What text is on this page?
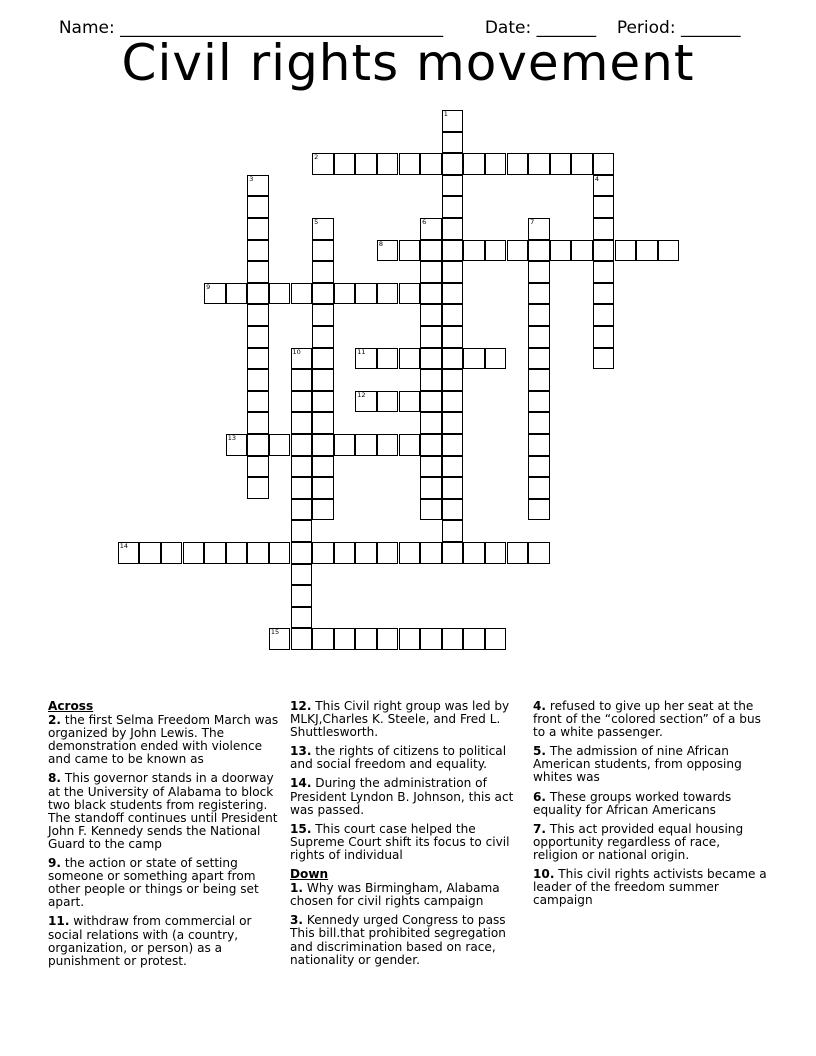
Name: ______________________________________	Date: _______	Period: _______

Civil rights movement
1
2
3	4
5	6	7
8
9
10	11
12
13
14
15
Across
2. the first Selma Freedom March was organized by John Lewis. The demonstration ended with violence and came to be known as
8. This governor stands in a doorway at the University of Alabama to block two black students from registering. The standoff continues until President John F. Kennedy sends the National Guard to the camp
9. the action or state of setting someone or something apart from other people or things or being set apart.
11. withdraw from commercial or social relations with (a country, organization, or person) as a punishment or protest.
12. This Civil right group was led by MLKJ,Charles K. Steele, and Fred L. Shuttlesworth.
13. the rights of citizens to political and social freedom and equality.
14. During the administration of President Lyndon B. Johnson, this act was passed.
15. This court case helped the Supreme Court shift its focus to civil rights of individual
Down
1. Why was Birmingham, Alabama chosen for civil rights campaign
3. Kennedy urged Congress to pass This bill.that prohibited segregation and discrimination based on race, nationality or gender.
4. refused to give up her seat at the front of the “colored section” of a bus to a white passenger.
5. The admission of nine African American students, from opposing whites was
6. These groups worked towards equality for African Americans
7. This act provided equal housing opportunity regardless of race, religion or national origin.
10. This civil rights activists became a leader of the freedom summer campaign
